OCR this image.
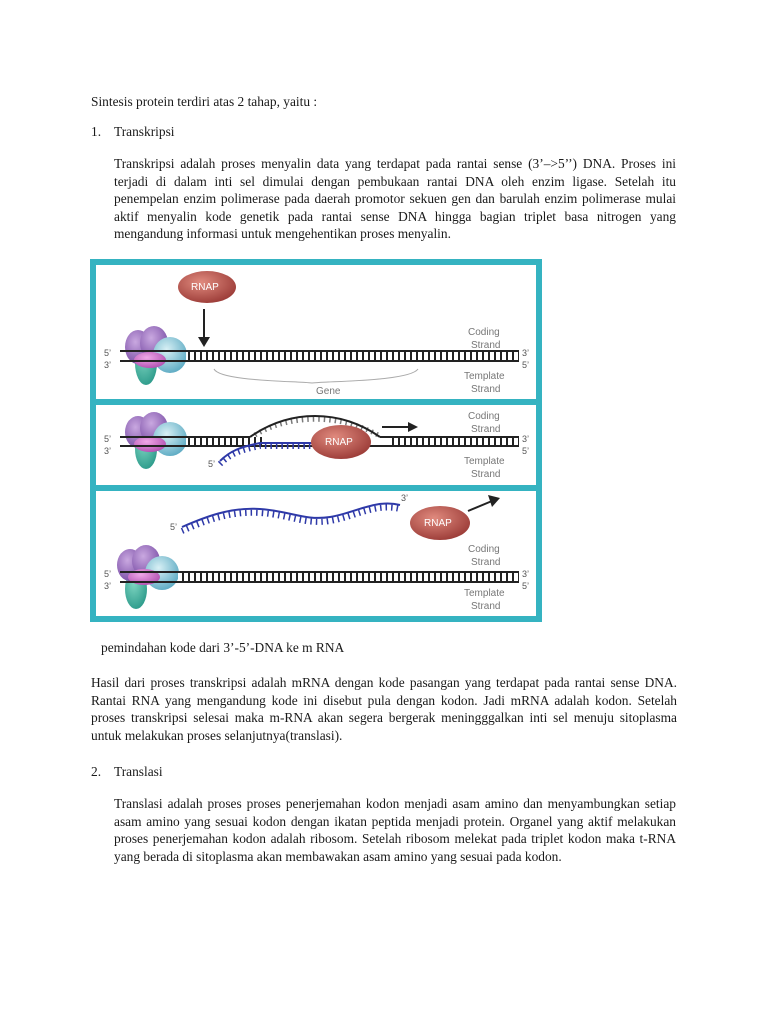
Sintesis protein terdiri atas 2 tahap, yaitu :
1. Transkripsi

Transkripsi adalah proses menyalin data yang terdapat pada rantai sense (3’–>5’’) DNA. Proses ini terjadi di dalam inti sel dimulai dengan pembukaan rantai DNA oleh enzim ligase. Setelah itu penempelan enzim polimerase pada daerah promotor sekuen gen dan barulah enzim polimerase mulai aktif menyalin kode genetik pada rantai sense DNA hingga bagian triplet basa nitrogen yang mengandung informasi untuk mengehentikan proses menyalin.

5’
3’
3’
5’
Coding
Strand
Template
Strand
Gene
RNAP
5’
3’
5’
3’
5’
RNAP
Coding
Strand
Template
Strand
5’
3’
RNAP
5’
3’
3’
5’
Coding
Strand
Template
Strand
pemindahan kode dari 3’-5’-DNA ke m RNA

Hasil dari proses transkripsi adalah mRNA dengan kode pasangan yang terdapat pada rantai sense DNA. Rantai RNA yang mengandung kode ini disebut pula dengan kodon. Jadi mRNA adalah kodon. Setelah proses transkripsi selesai maka m-RNA akan segera bergerak meningggalkan inti sel menuju sitoplasma untuk melakukan proses selanjutnya(translasi).

2. Translasi

Translasi adalah proses proses penerjemahan kodon menjadi asam amino dan menyambungkan setiap asam amino yang sesuai kodon dengan ikatan peptida menjadi protein. Organel yang aktif melakukan proses penerjemahan kodon adalah ribosom. Setelah ribosom melekat pada triplet kodon maka t-RNA yang berada di sitoplasma akan membawakan asam amino yang sesuai pada kodon.
